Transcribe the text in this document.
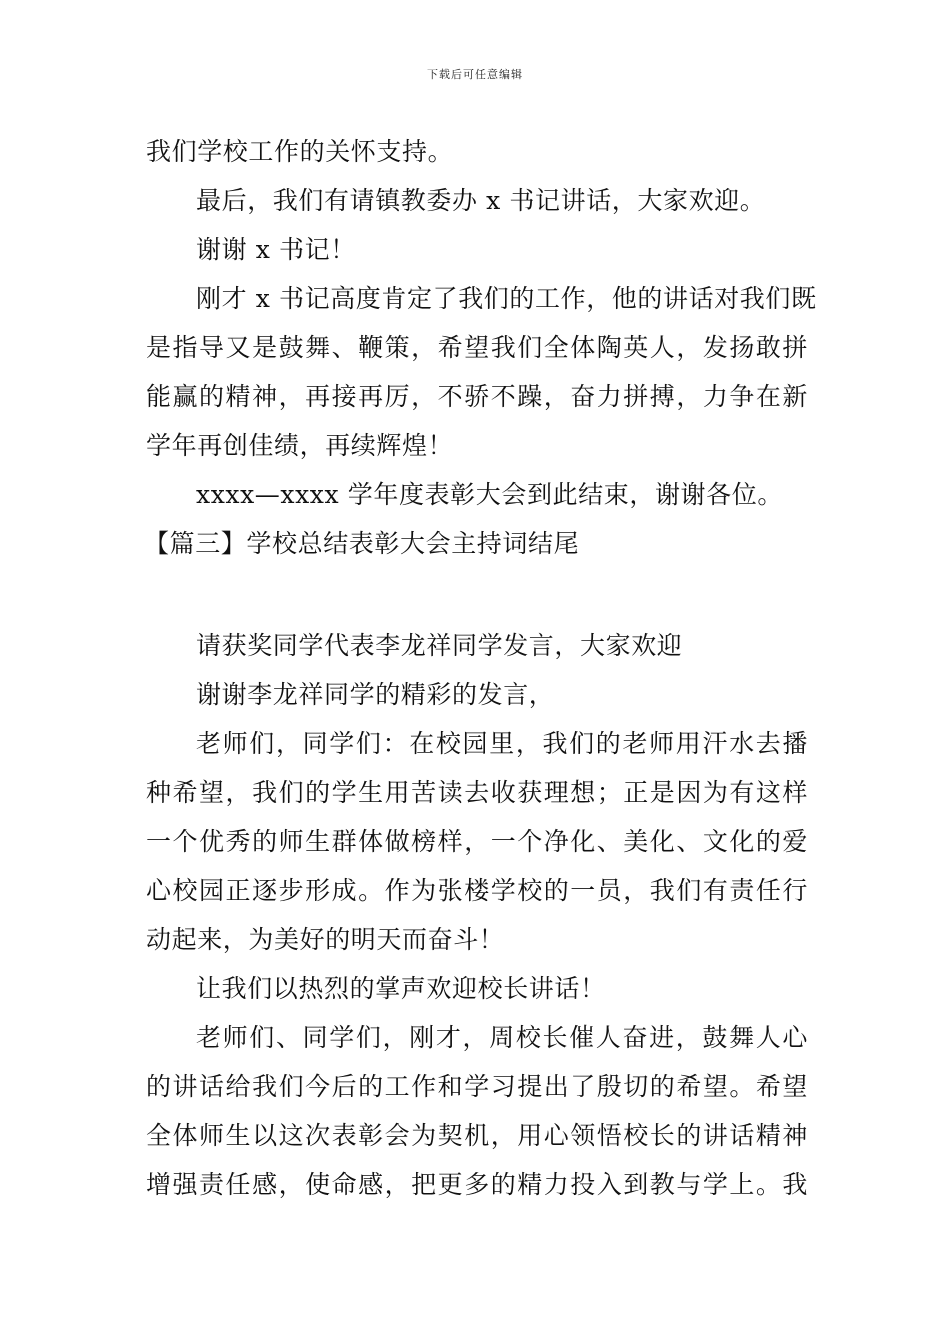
下载后可任意编辑
我们学校工作的关怀支持。
最后，我们有请镇教委办 x 书记讲话，大家欢迎。
谢谢 x 书记！
刚才 x 书记高度肯定了我们的工作，他的讲话对我们既
是指导又是鼓舞、鞭策，希望我们全体陶英人，发扬敢拼
能赢的精神，再接再厉，不骄不躁，奋力拼搏，力争在新
学年再创佳绩，再续辉煌！
xxxx—xxxx 学年度表彰大会到此结束，谢谢各位。
【篇三】学校总结表彰大会主持词结尾
请获奖同学代表李龙祥同学发言，大家欢迎
谢谢李龙祥同学的精彩的发言，
老师们，同学们：在校园里，我们的老师用汗水去播
种希望，我们的学生用苦读去收获理想；正是因为有这样
一个优秀的师生群体做榜样，一个净化、美化、文化的爱
心校园正逐步形成。作为张楼学校的一员，我们有责任行
动起来，为美好的明天而奋斗！
让我们以热烈的掌声欢迎校长讲话！
老师们、同学们，刚才，周校长催人奋进，鼓舞人心
的讲话给我们今后的工作和学习提出了殷切的希望。希望
全体师生以这次表彰会为契机，用心领悟校长的讲话精神
增强责任感，使命感，把更多的精力投入到教与学上。我
